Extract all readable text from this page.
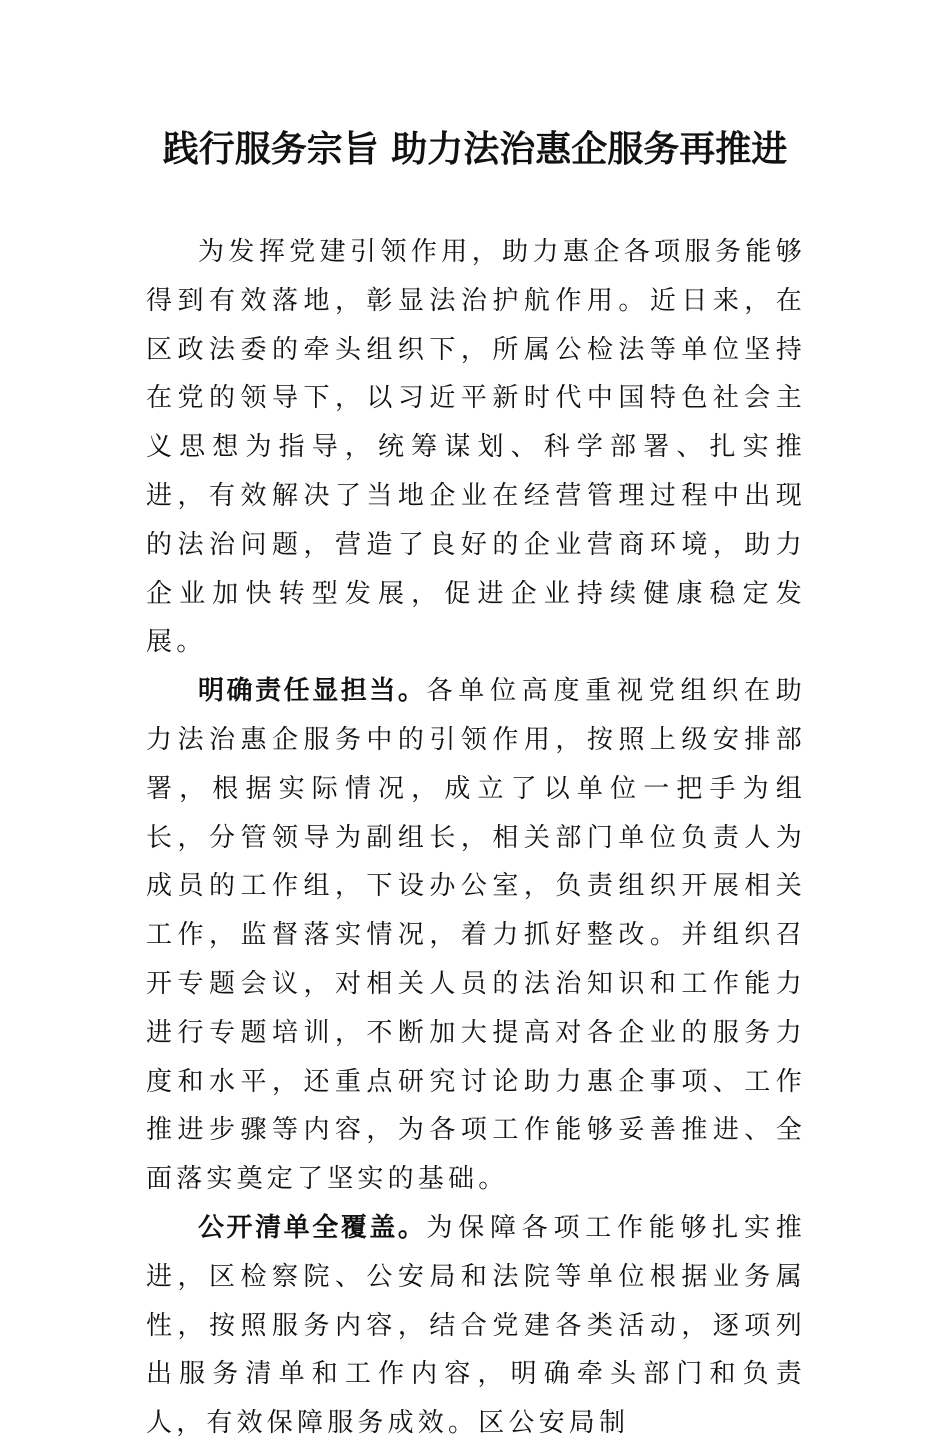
践行服务宗旨 助力法治惠企服务再推进

为发挥党建引领作用，助力惠企各项服务能够得到有效落地，彰显法治护航作用。近日来，在区政法委的牵头组织下，所属公检法等单位坚持在党的领导下，以习近平新时代中国特色社会主义思想为指导，统筹谋划、科学部署、扎实推进，有效解决了当地企业在经营管理过程中出现的法治问题，营造了良好的企业营商环境，助力企业加快转型发展，促进企业持续健康稳定发展。

明确责任显担当。各单位高度重视党组织在助力法治惠企服务中的引领作用，按照上级安排部署，根据实际情况，成立了以单位一把手为组长，分管领导为副组长，相关部门单位负责人为成员的工作组，下设办公室，负责组织开展相关工作，监督落实情况，着力抓好整改。并组织召开专题会议，对相关人员的法治知识和工作能力进行专题培训，不断加大提高对各企业的服务力度和水平，还重点研究讨论助力惠企事项、工作推进步骤等内容，为各项工作能够妥善推进、全面落实奠定了坚实的基础。

公开清单全覆盖。为保障各项工作能够扎实推进，区检察院、公安局和法院等单位根据业务属性，按照服务内容，结合党建各类活动，逐项列出服务清单和工作内容，明确牵头部门和负责人，有效保障服务成效。区公安局制
